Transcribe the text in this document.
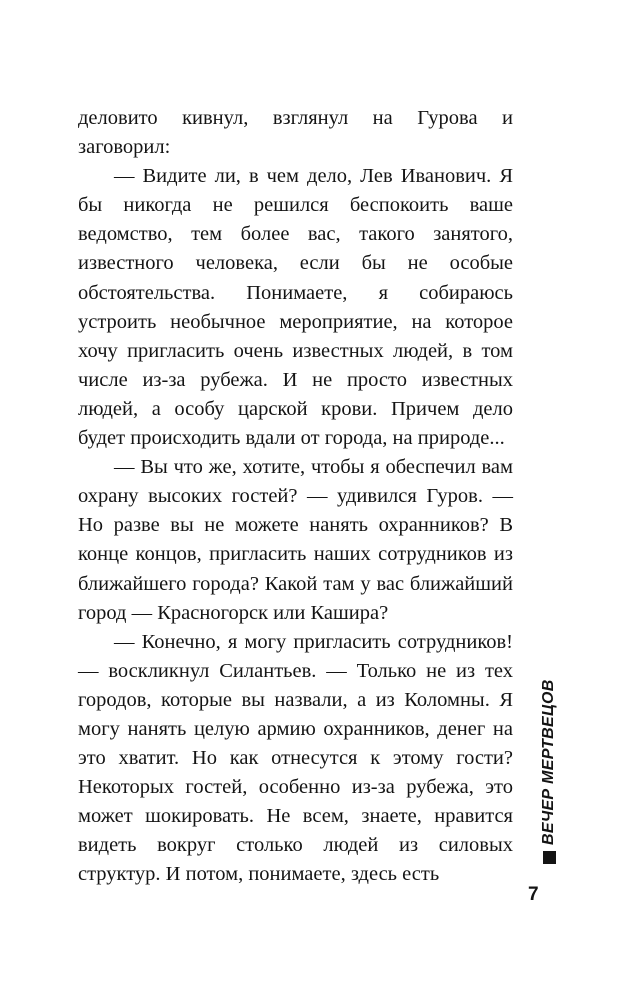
деловито кивнул, взглянул на Гурова и заговорил:

— Видите ли, в чем дело, Лев Иванович. Я бы никогда не решился беспокоить ваше ведомство, тем более вас, такого занятого, известного человека, если бы не особые обстоятельства. Понимаете, я собираюсь устроить необычное мероприятие, на которое хочу пригласить очень известных людей, в том числе из-за рубежа. И не просто известных людей, а особу царской крови. Причем дело будет происходить вдали от города, на природе...

— Вы что же, хотите, чтобы я обеспечил вам охрану высоких гостей? — удивился Гуров. — Но разве вы не можете нанять охранников? В конце концов, пригласить наших сотрудников из ближайшего города? Какой там у вас ближайший город — Красногорск или Кашира?

— Конечно, я могу пригласить сотрудников! — воскликнул Силантьев. — Только не из тех городов, которые вы назвали, а из Коломны. Я могу нанять целую армию охранников, денег на это хватит. Но как отнесутся к этому гости? Некоторых гостей, особенно из-за рубежа, это может шокировать. Не всем, знаете, нравится видеть вокруг столько людей из силовых структур. И потом, понимаете, здесь есть

ВЕЧЕР МЕРТВЕЦОВ
7
